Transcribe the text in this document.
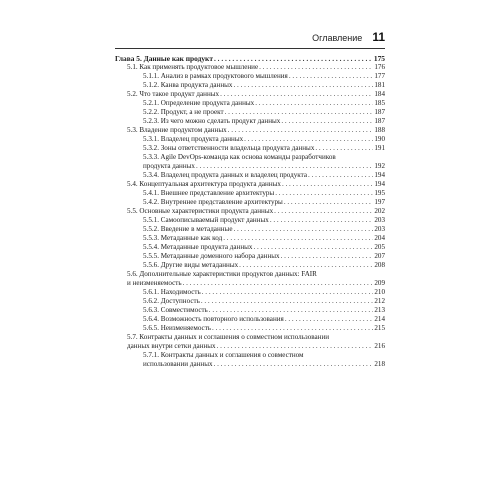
Оглавление 11
Глава 5. Данные как продукт . . .	175
5.1. Как применять продуктовое мышление . . .	176
5.1.1. Анализ в рамках продуктового мышления . . .	177
5.1.2. Канва продукта данных . . .	181
5.2. Что такое продукт данных . . .	184
5.2.1. Определение продукта данных . . .	185
5.2.2. Продукт, а не проект . . .	187
5.2.3. Из чего можно сделать продукт данных . . .	187
5.3. Владение продуктом данных . . .	188
5.3.1. Владелец продукта данных . . .	190
5.3.2. Зоны ответственности владельца продукта данных . . .	191
5.3.3. Agile DevOps-команда как основа команды разработчиков
продукта данных . . .	192
5.3.4. Владелец продукта данных и владелец продукта . . .	194
5.4. Концептуальная архитектура продукта данных . . .	194
5.4.1. Внешнее представление архитектуры . . .	195
5.4.2. Внутреннее представление архитектуры . . .	197
5.5. Основные характеристики продукта данных . . .	202
5.5.1. Самоописываемый продукт данных . . .	203
5.5.2. Введение в метаданные . . .	203
5.5.3. Метаданные как код . . .	204
5.5.4. Метаданные продукта данных . . .	205
5.5.5. Метаданные доменного набора данных . . .	207
5.5.6. Другие виды метаданных . . .	208
5.6. Дополнительные характеристики продуктов данных: FAIR
и неизменяемость . . .	209
5.6.1. Находимость . . .	210
5.6.2. Доступность . . .	212
5.6.3. Совместимость . . .	213
5.6.4. Возможность повторного использования . . .	214
5.6.5. Неизменяемость . . .	215
5.7. Контракты данных и соглашения о совместном использовании
данных внутри сетки данных . . .	216
5.7.1. Контракты данных и соглашения о совместном
использовании данных . . .	218
